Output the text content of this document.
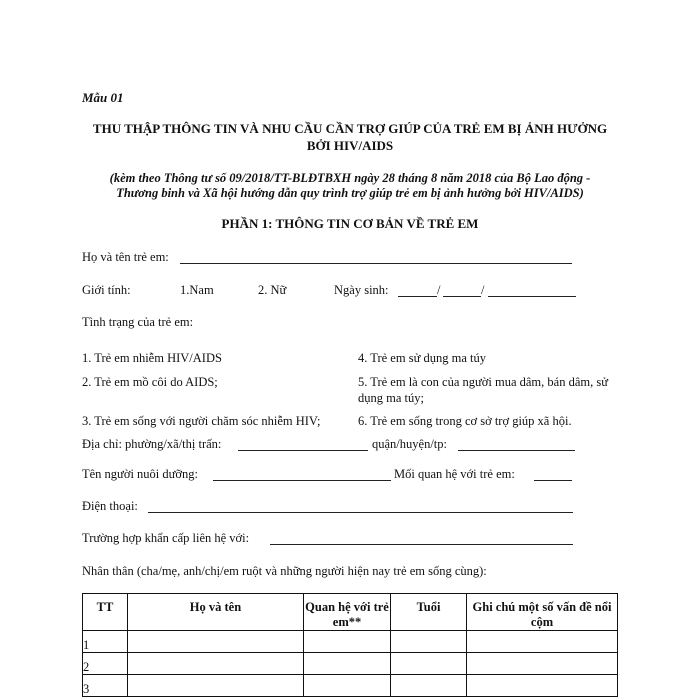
Mẫu 01
THU THẬP THÔNG TIN VÀ NHU CẦU CẦN TRỢ GIÚP CỦA TRẺ EM BỊ ẢNH HƯỞNG BỞI HIV/AIDS
(kèm theo Thông tư số 09/2018/TT-BLĐTBXH ngày 28 tháng 8 năm 2018 của Bộ Lao động - Thương binh và Xã hội hướng dẫn quy trình trợ giúp trẻ em bị ảnh hưởng bởi HIV/AIDS)
PHẦN 1: THÔNG TIN CƠ BẢN VỀ TRẺ EM
Họ và tên trẻ em:
Giới tính:	1.Nam	2. Nữ	Ngày sinh:	/	/
Tình trạng của trẻ em:
1. Trẻ em nhiễm HIV/AIDS
2. Trẻ em mồ côi do AIDS;
3. Trẻ em sống với người chăm sóc nhiễm HIV;
4. Trẻ em sử dụng ma túy
5. Trẻ em là con của người mua dâm, bán dâm, sử dụng ma túy;
6. Trẻ em sống trong cơ sở trợ giúp xã hội.
Địa chỉ: phường/xã/thị trấn:	quận/huyện/tp:
Tên người nuôi dưỡng:	Mối quan hệ với trẻ em:
Điện thoại:
Trường hợp khẩn cấp liên hệ với:
Nhân thân (cha/mẹ, anh/chị/em ruột và những người hiện nay trẻ em sống cùng):
TT	Họ và tên	Quan hệ với trẻ em**	Tuổi	Ghi chú một số vấn đề nổi cộm
1				
2				
3				
